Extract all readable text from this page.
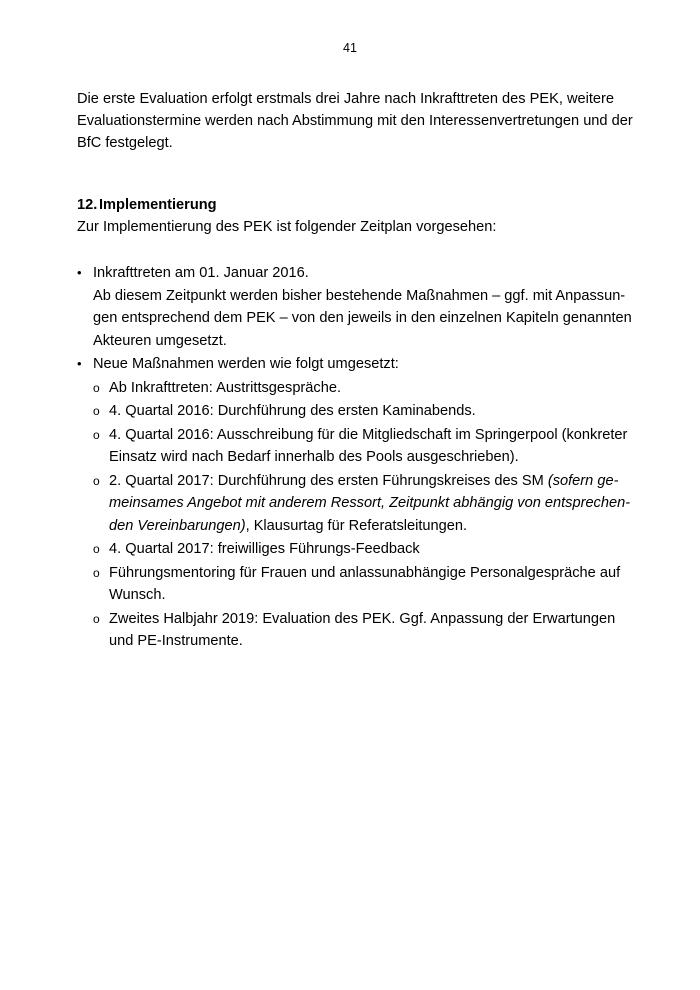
41

Die erste Evaluation erfolgt erstmals drei Jahre nach Inkrafttreten des PEK, weitere
Evaluationstermine werden nach Abstimmung mit den Interessenvertretungen und der
BfC festgelegt.

12. Implementierung

Zur Implementierung des PEK ist folgender Zeitplan vorgesehen:

• Inkrafttreten am 01. Januar 2016.
Ab diesem Zeitpunkt werden bisher bestehende Maßnahmen – ggf. mit Anpassun-
gen entsprechend dem PEK – von den jeweils in den einzelnen Kapiteln genannten
Akteuren umgesetzt.
• Neue Maßnahmen werden wie folgt umgesetzt:
o Ab Inkrafttreten: Austrittsgespräche.
o 4. Quartal 2016: Durchführung des ersten Kaminabends.
o 4. Quartal 2016: Ausschreibung für die Mitgliedschaft im Springerpool (konkreter
Einsatz wird nach Bedarf innerhalb des Pools ausgeschrieben).
o 2. Quartal 2017: Durchführung des ersten Führungskreises des SM (sofern ge-
meinsames Angebot mit anderem Ressort, Zeitpunkt abhängig von entsprechen-
den Vereinbarungen), Klausurtag für Referatsleitungen.
o 4. Quartal 2017: freiwilliges Führungs-Feedback
o Führungsmentoring für Frauen und anlassunabhängige Personalgespräche auf
Wunsch.
o Zweites Halbjahr 2019: Evaluation des PEK. Ggf. Anpassung der Erwartungen
und PE-Instrumente.
